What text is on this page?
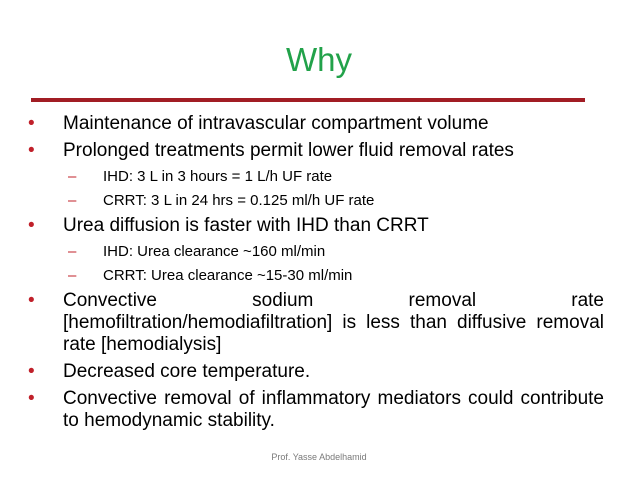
Why
• Maintenance of intravascular compartment volume
• Prolonged treatments permit lower fluid removal rates
– IHD: 3 L in 3 hours = 1 L/h UF rate
– CRRT: 3 L in 24 hrs = 0.125 ml/h UF rate
• Urea diffusion is faster with IHD than CRRT
– IHD: Urea clearance ~160 ml/min
– CRRT: Urea clearance ~15-30 ml/min
• Convective sodium removal rate [hemofiltration/hemodiafiltration] is less than diffusive removal rate [hemodialysis]
• Decreased core temperature.
• Convective removal of inflammatory mediators could contribute to hemodynamic stability.
Prof. Yasse Abdelhamid
